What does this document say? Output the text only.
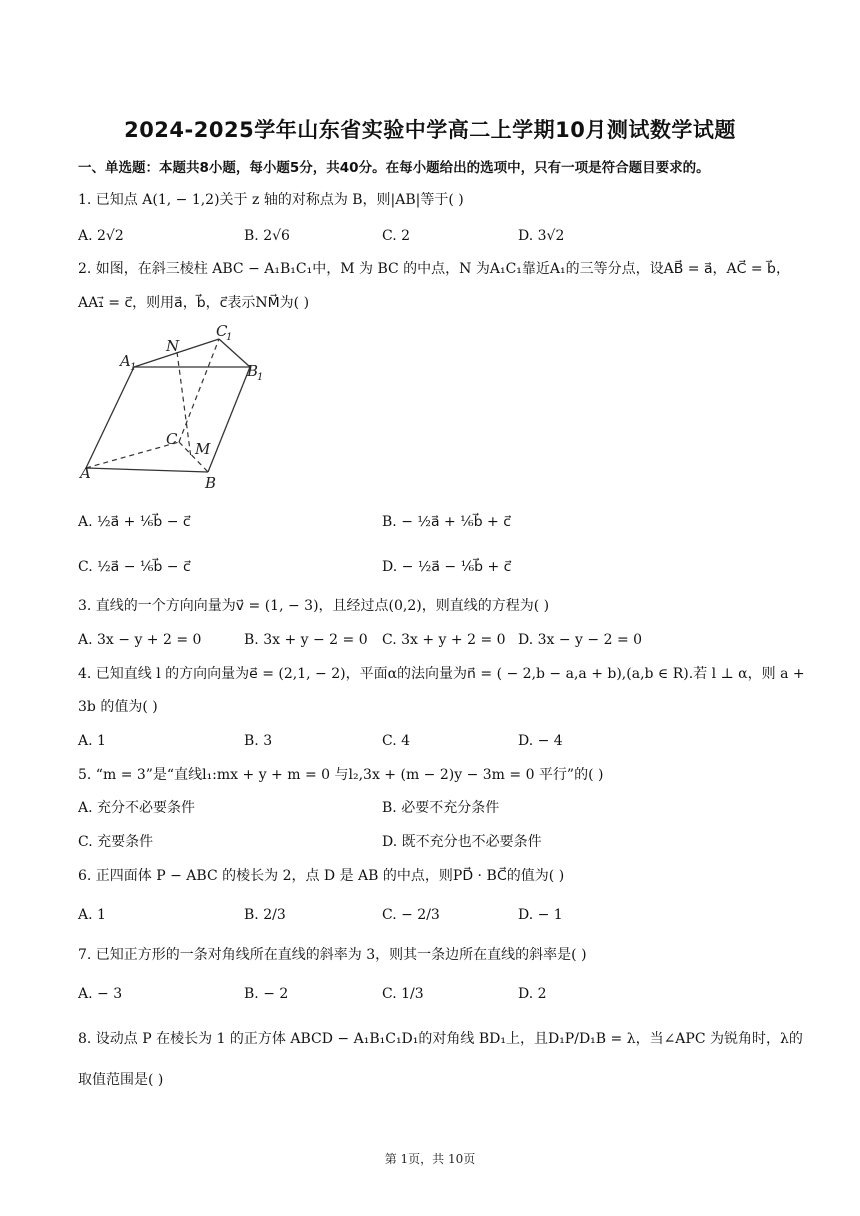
2024-2025学年山东省实验中学高二上学期10月测试数学试题
一、单选题：本题共8小题，每小题5分，共40分。在每小题给出的选项中，只有一项是符合题目要求的。
1. 已知点 A(1, − 1,2)关于 z 轴的对称点为 B，则|AB|等于( )
A. 2√2	B. 2√6	C. 2	D. 3√2
2. 如图，在斜三棱柱 ABC − A₁B₁C₁中，M 为 BC 的中点，N 为A₁C₁靠近A₁的三等分点，设AB⃗ = a⃗，AC⃗ = b⃗，
AA₁⃗ = c⃗，则用a⃗，b⃗，c⃗表示NM⃗为( )
A
B
C
M
N
A 1	B
1
C
1
A. ½a⃗ + ⅙b⃗ − c⃗	B. − ½a⃗ + ⅙b⃗ + c⃗
C. ½a⃗ − ⅙b⃗ − c⃗	D. − ½a⃗ − ⅙b⃗ + c⃗
3. 直线的一个方向向量为v⃗ = (1, − 3)，且经过点(0,2)，则直线的方程为( )
A. 3x − y + 2 = 0	B. 3x + y − 2 = 0 C. 3x + y + 2 = 0 D. 3x − y − 2 = 0
4. 已知直线 l 的方向向量为e⃗ = (2,1, − 2)，平面α的法向量为n⃗ = ( − 2,b − a,a + b),(a,b ∈ R).若 l ⊥ α，则 a +
3b 的值为( )
A. 1	B. 3	C. 4	D. − 4
5. “m = 3”是“直线l₁:mx + y + m = 0 与l₂,3x + (m − 2)y − 3m = 0 平行”的( )
A. 充分不必要条件	B. 必要不充分条件
C. 充要条件	D. 既不充分也不必要条件
6. 正四面体 P − ABC 的棱长为 2，点 D 是 AB 的中点，则PD⃗ · BC⃗的值为( )
A. 1	B. 2/3	C. − 2/3	D. − 1
7. 已知正方形的一条对角线所在直线的斜率为 3，则其一条边所在直线的斜率是( )
A. − 3	B. − 2	C. 1/3	D. 2
8. 设动点 P 在棱长为 1 的正方体 ABCD − A₁B₁C₁D₁的对角线 BD₁上，且D₁P/D₁B = λ，当∠APC 为锐角时，λ的
取值范围是( )
第 1页，共 10页
